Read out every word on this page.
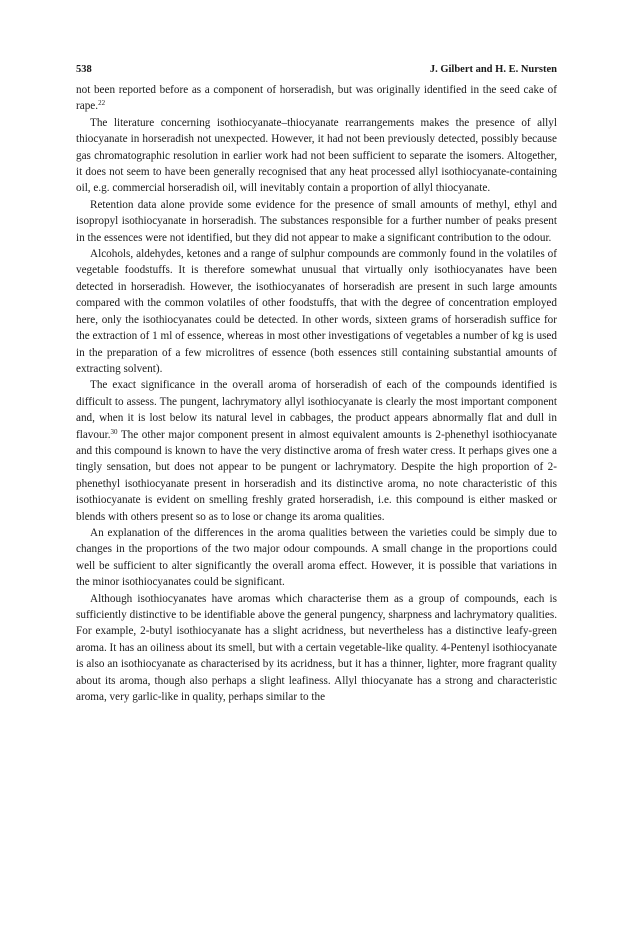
538	J. Gilbert and H. E. Nursten

not been reported before as a component of horseradish, but was originally identified in the seed cake of rape.$^{22}$

The literature concerning isothiocyanate–thiocyanate rearrangements makes the presence of allyl thiocyanate in horseradish not unexpected. However, it had not been previously detected, possibly because gas chromatographic resolution in earlier work had not been sufficient to separate the isomers. Altogether, it does not seem to have been generally recognised that any heat processed allyl isothiocyanate-containing oil, e.g. commercial horseradish oil, will inevitably contain a proportion of allyl thiocyanate.

Retention data alone provide some evidence for the presence of small amounts of methyl, ethyl and isopropyl isothiocyanate in horseradish. The substances responsible for a further number of peaks present in the essences were not identified, but they did not appear to make a significant contribution to the odour.

Alcohols, aldehydes, ketones and a range of sulphur compounds are commonly found in the volatiles of vegetable foodstuffs. It is therefore somewhat unusual that virtually only isothiocyanates have been detected in horseradish. However, the isothiocyanates of horseradish are present in such large amounts compared with the common volatiles of other foodstuffs, that with the degree of concentration employed here, only the isothiocyanates could be detected. In other words, sixteen grams of horseradish suffice for the extraction of 1 ml of essence, whereas in most other investigations of vegetables a number of kg is used in the preparation of a few microlitres of essence (both essences still containing substantial amounts of extracting solvent).

The exact significance in the overall aroma of horseradish of each of the compounds identified is difficult to assess. The pungent, lachrymatory allyl isothiocyanate is clearly the most important component and, when it is lost below its natural level in cabbages, the product appears abnormally flat and dull in flavour.$^{30}$ The other major component present in almost equivalent amounts is 2-phenethyl isothiocyanate and this compound is known to have the very distinctive aroma of fresh water cress. It perhaps gives one a tingly sensation, but does not appear to be pungent or lachrymatory. Despite the high proportion of 2-phenethyl isothiocyanate present in horseradish and its distinctive aroma, no note characteristic of this isothiocyanate is evident on smelling freshly grated horseradish, i.e. this compound is either masked or blends with others present so as to lose or change its aroma qualities.

An explanation of the differences in the aroma qualities between the varieties could be simply due to changes in the proportions of the two major odour compounds. A small change in the proportions could well be sufficient to alter significantly the overall aroma effect. However, it is possible that variations in the minor isothiocyanates could be significant.

Although isothiocyanates have aromas which characterise them as a group of compounds, each is sufficiently distinctive to be identifiable above the general pungency, sharpness and lachrymatory qualities. For example, 2-butyl isothiocyanate has a slight acridness, but nevertheless has a distinctive leafy-green aroma. It has an oiliness about its smell, but with a certain vegetable-like quality. 4-Pentenyl isothiocyanate is also an isothiocyanate as characterised by its acridness, but it has a thinner, lighter, more fragrant quality about its aroma, though also perhaps a slight leafiness. Allyl thiocyanate has a strong and characteristic aroma, very garlic-like in quality, perhaps similar to the
